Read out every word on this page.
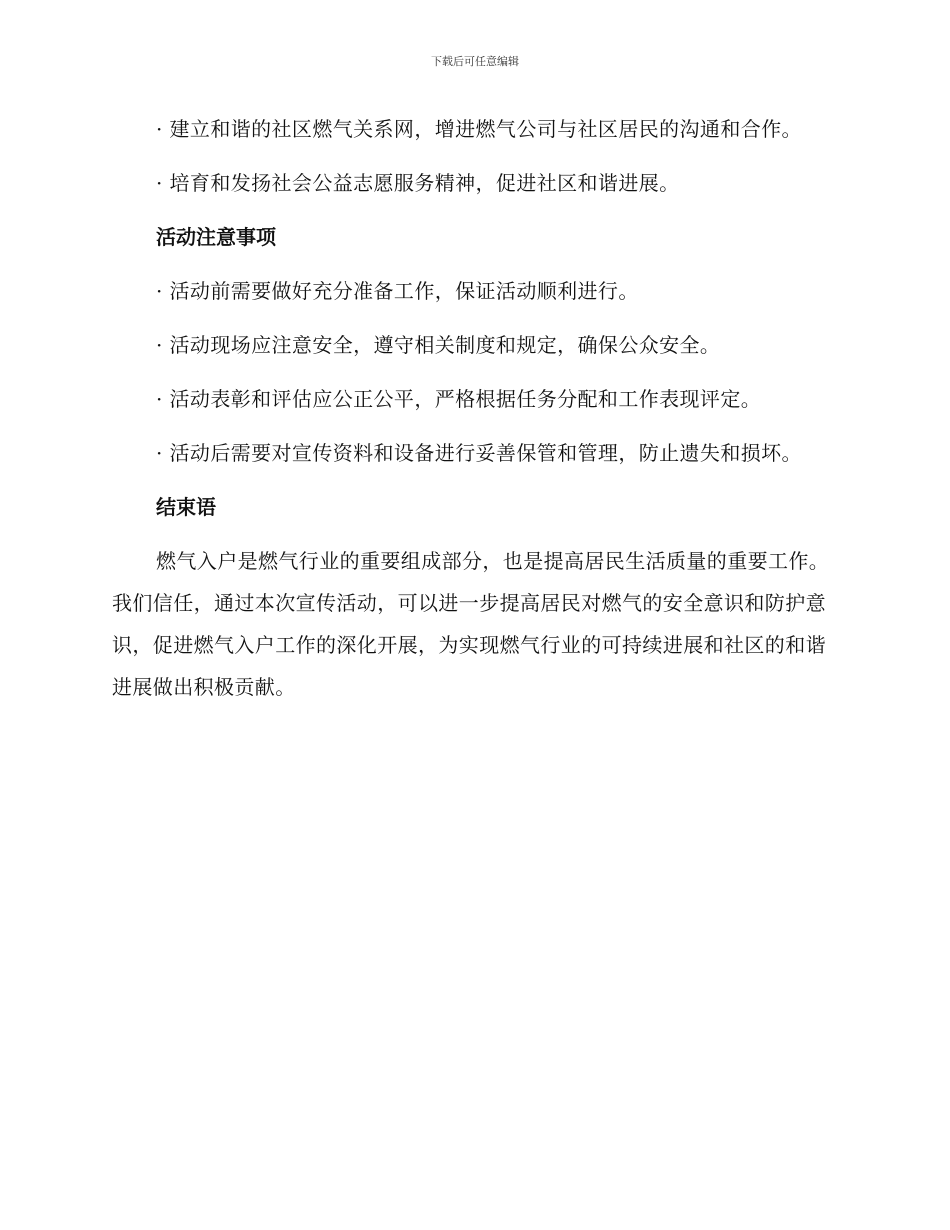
下载后可任意编辑

· 建立和谐的社区燃气关系网，增进燃气公司与社区居民的沟通和合作。

· 培育和发扬社会公益志愿服务精神，促进社区和谐进展。

活动注意事项

· 活动前需要做好充分准备工作，保证活动顺利进行。

· 活动现场应注意安全，遵守相关制度和规定，确保公众安全。

· 活动表彰和评估应公正公平，严格根据任务分配和工作表现评定。

· 活动后需要对宣传资料和设备进行妥善保管和管理，防止遗失和损坏。

结束语

燃气入户是燃气行业的重要组成部分，也是提高居民生活质量的重要工作。我们信任，通过本次宣传活动，可以进一步提高居民对燃气的安全意识和防护意识，促进燃气入户工作的深化开展，为实现燃气行业的可持续进展和社区的和谐进展做出积极贡献。
